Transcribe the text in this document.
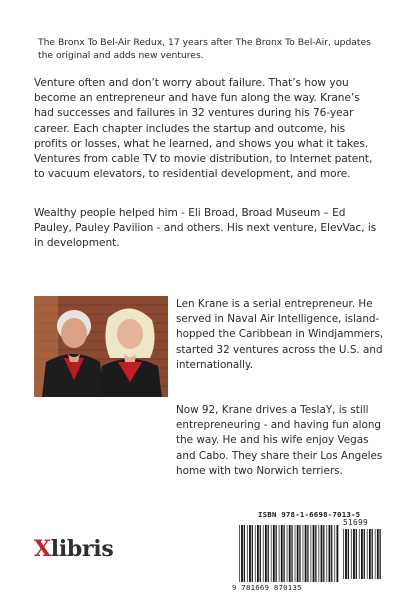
The Bronx To Bel-Air Redux, 17 years after The Bronx To Bel-Air, updates the original and adds new ventures.
Venture often and don’t worry about failure. That’s how you become an entrepreneur and have fun along the way. Krane’s had successes and failures in 32 ventures during his 76-year career. Each chapter includes the startup and outcome, his profits or losses, what he learned, and shows you what it takes. Ventures from cable TV to movie distribution, to Internet patent, to vacuum elevators, to residential development, and more.
Wealthy people helped him - Eli Broad, Broad Museum – Ed Pauley, Pauley Pavilion - and others. His next venture, ElevVac, is in development.
Len Krane is a serial entrepreneur. He served in Naval Air Intelligence, island- hopped the Caribbean in Windjammers, started 32 ventures across the U.S. and internationally.
Now 92, Krane drives a TeslaY, is still entrepreneuring - and having fun along the way. He and his wife enjoy Vegas and Cabo. They share their Los Angeles home with two Norwich terriers.
Xlibris
ISBN 978-1-6698-7013-5
51699
9 781669 870135
